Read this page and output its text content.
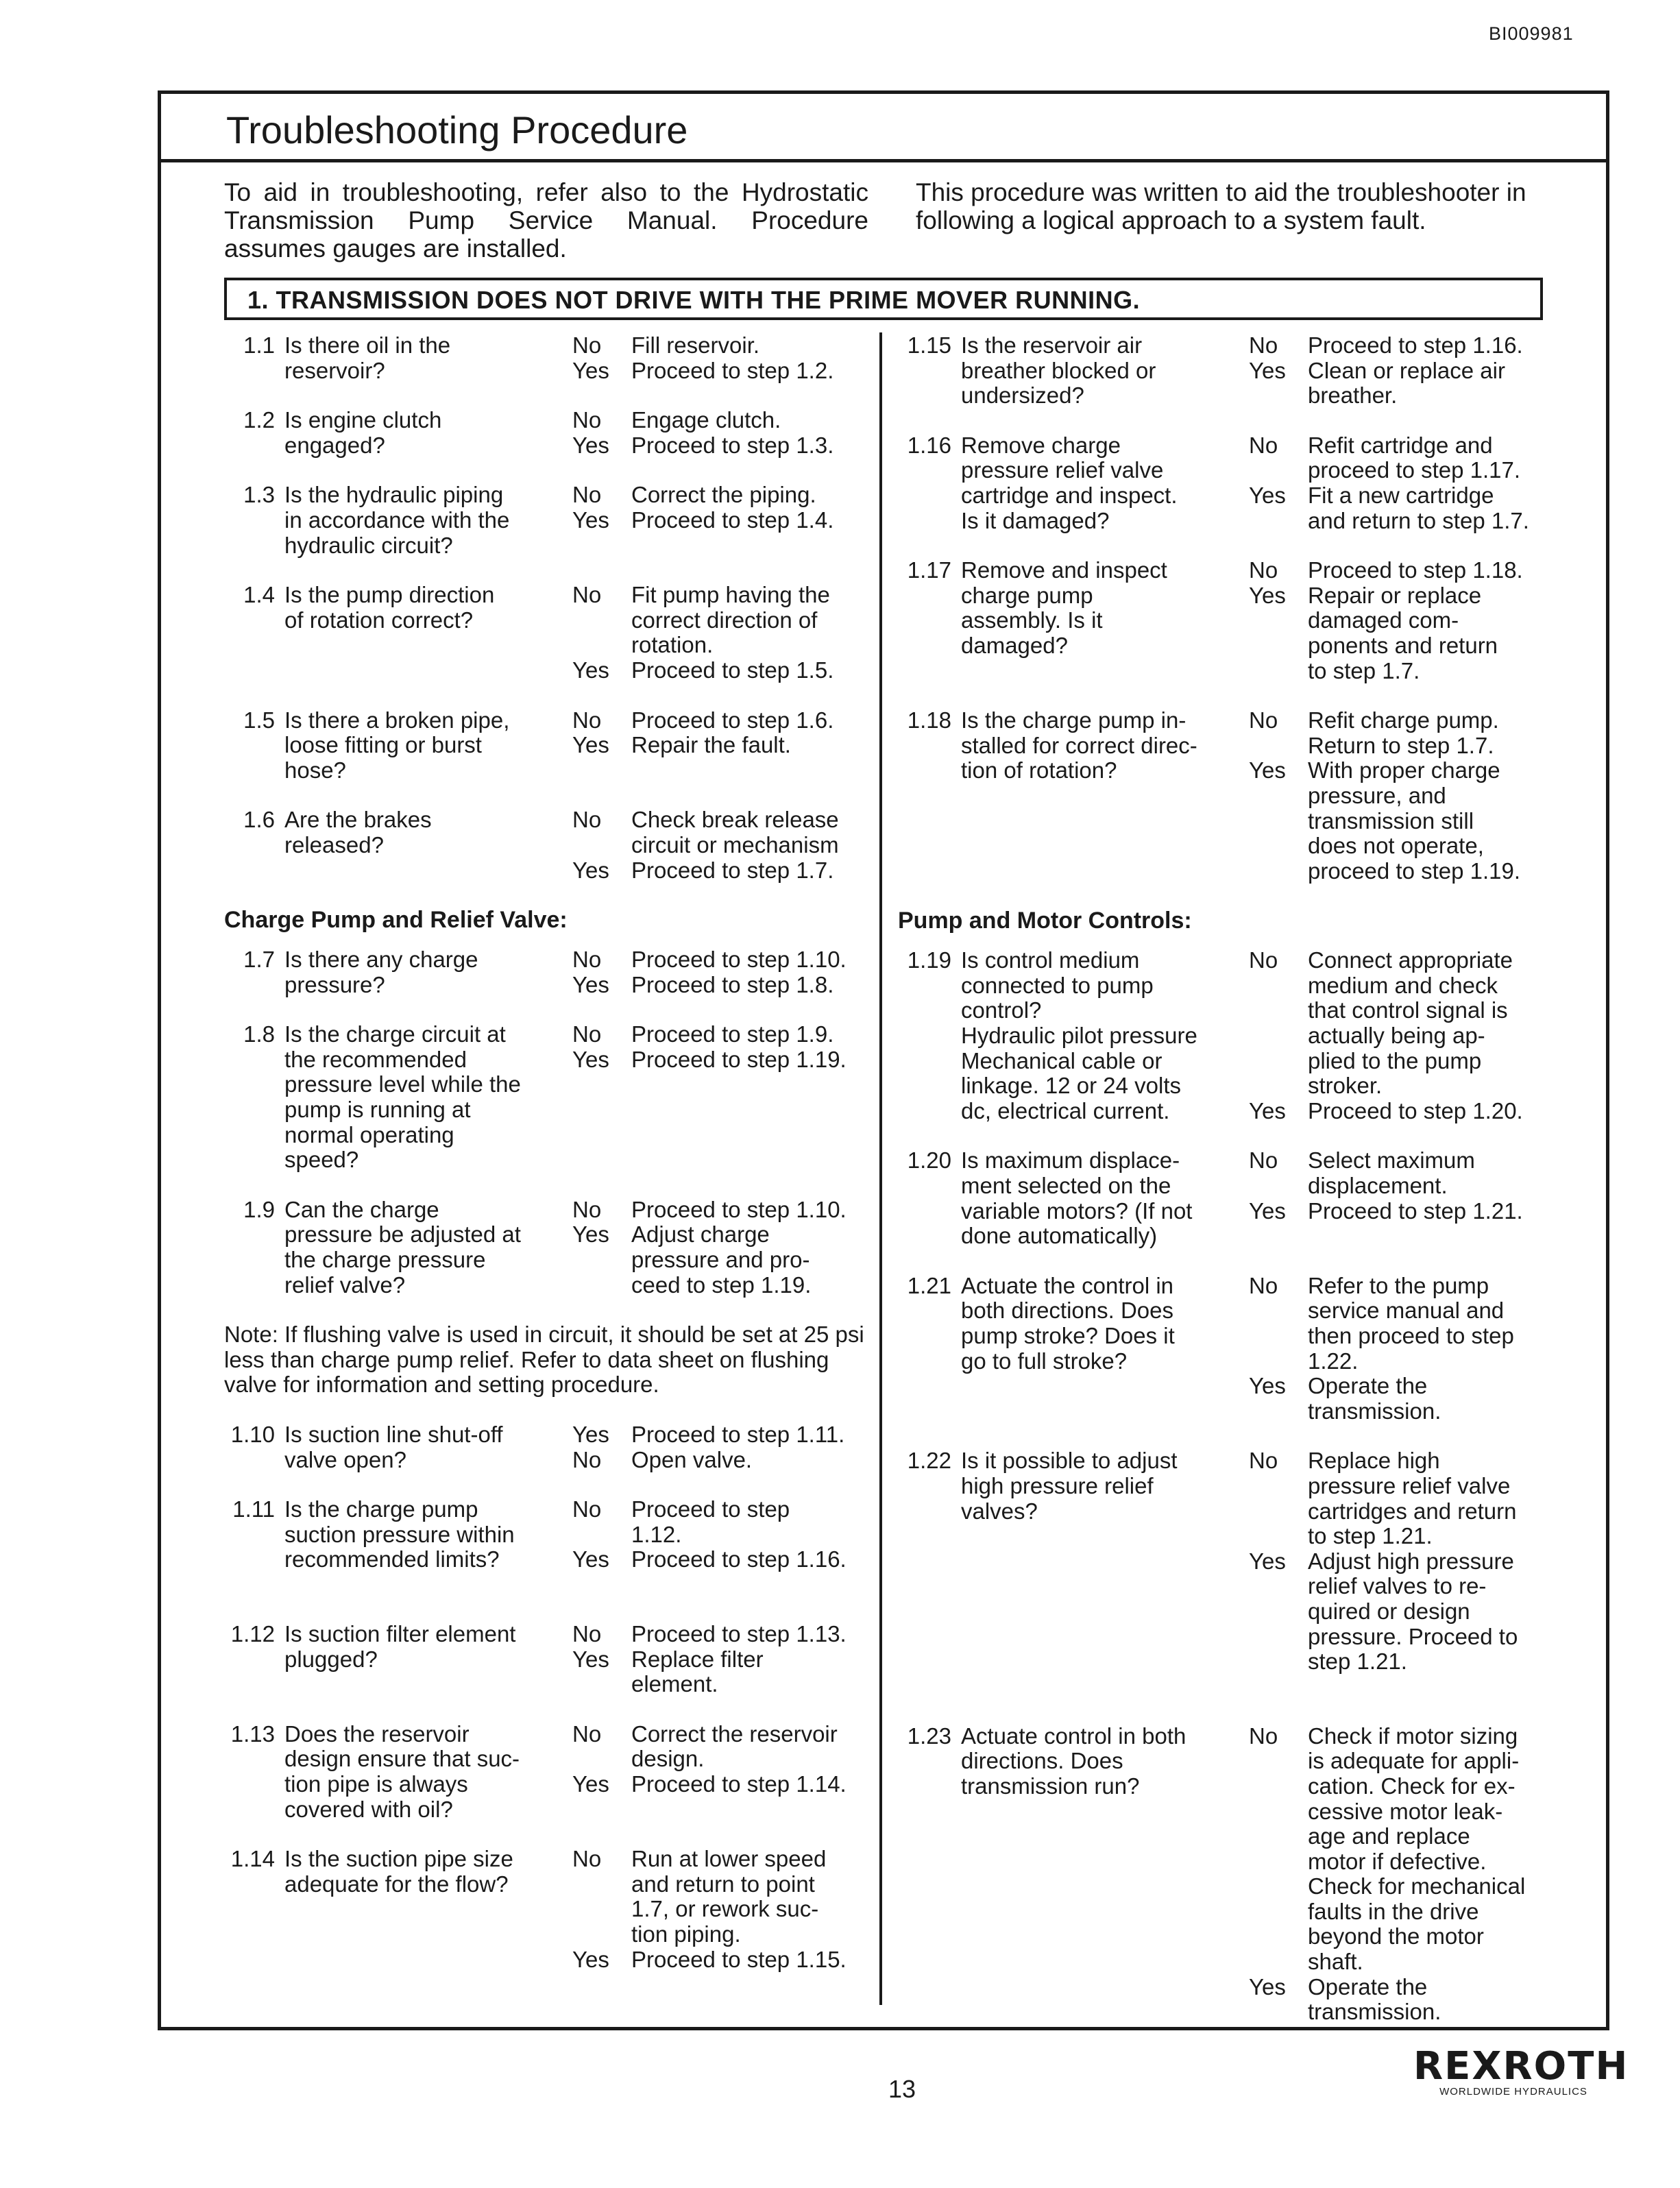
BI009981
Troubleshooting Procedure
To aid in troubleshooting, refer also to the Hydrostatic Transmission Pump Service Manual. Procedure assumes gauges are installed.
This procedure was written to aid the troubleshooter in following a logical approach to a system fault.
1. TRANSMISSION DOES NOT DRIVE WITH THE PRIME MOVER RUNNING.
1.1 Is there oil in the
reservoir?
No	Fill reservoir.
Yes Proceed to step 1.2.
1.2 Is engine clutch
engaged?
No	Engage clutch.
Yes Proceed to step 1.3.
1.3 Is the hydraulic piping
in accordance with the
hydraulic circuit?
No	Correct the piping.
Yes Proceed to step 1.4.
1.4 Is the pump direction
of rotation correct?
No	Fit pump having the
correct direction of
rotation.
Yes Proceed to step 1.5.
1.5 Is there a broken pipe,
loose fitting or burst
hose?
No	Proceed to step 1.6.
Yes Repair the fault.
1.6 Are the brakes
released?
No	Check break release
circuit or mechanism
Yes Proceed to step 1.7.
Charge Pump and Relief Valve:
1.7 Is there any charge
pressure?
No	Proceed to step 1.10.
Yes Proceed to step 1.8.
1.8 Is the charge circuit at
the recommended
pressure level while the
pump is running at
normal operating
speed?
No	Proceed to step 1.9.
Yes Proceed to step 1.19.
1.9 Can the charge
pressure be adjusted at
the charge pressure
relief valve?
No	Proceed to step 1.10.
Yes Adjust charge
pressure and pro-
ceed to step 1.19.
Note: If flushing valve is used in circuit, it should be set at 25 psi less than charge pump relief. Refer to data sheet on flushing valve for information and setting procedure.
1.10 Is suction line shut-off
valve open?
Yes Proceed to step 1.11.
No	Open valve.
1.11 Is the charge pump
suction pressure within
recommended limits?
No	Proceed to step
1.12.
Yes Proceed to step 1.16.
1.12 Is suction filter element
plugged?
No	Proceed to step 1.13.
Yes Replace filter
element.
1.13 Does the reservoir
design ensure that suc-
tion pipe is always
covered with oil?
No	Correct the reservoir
design.
Yes Proceed to step 1.14.
1.14 Is the suction pipe size
adequate for the flow?
No	Run at lower speed
and return to point
1.7, or rework suc-
tion piping.
Yes Proceed to step 1.15.
1.15 Is the reservoir air
breather blocked or
undersized?
No	Proceed to step 1.16.
Yes Clean or replace air
breather.
1.16 Remove charge
pressure relief valve
cartridge and inspect.
Is it damaged?
No	Refit cartridge and
proceed to step 1.17.
Yes Fit a new cartridge
and return to step 1.7.
1.17 Remove and inspect
charge pump
assembly. Is it
damaged?
No	Proceed to step 1.18.
Yes Repair or replace
damaged com-
ponents and return
to step 1.7.
1.18 Is the charge pump in-
stalled for correct direc-
tion of rotation?
No	Refit charge pump.
Return to step 1.7.
Yes With proper charge
pressure, and
transmission still
does not operate,
proceed to step 1.19.
Pump and Motor Controls:
1.19 Is control medium
connected to pump
control?
Hydraulic pilot pressure
Mechanical cable or
linkage. 12 or 24 volts
dc, electrical current.
No	Connect appropriate
medium and check
that control signal is
actually being ap-
plied to the pump
stroker.
Yes Proceed to step 1.20.
1.20 Is maximum displace-
ment selected on the
variable motors? (If not
done automatically)
No	Select maximum
displacement.
Yes Proceed to step 1.21.
1.21 Actuate the control in
both directions. Does
pump stroke? Does it
go to full stroke?
No	Refer to the pump
service manual and
then proceed to step
1.22.
Yes Operate the
transmission.
1.22 Is it possible to adjust
high pressure relief
valves?
No	Replace high
pressure relief valve
cartridges and return
to step 1.21.
Yes Adjust high pressure
relief valves to re-
quired or design
pressure. Proceed to
step 1.21.
1.23 Actuate control in both
directions. Does
transmission run?
No	Check if motor sizing
is adequate for appli-
cation. Check for ex-
cessive motor leak-
age and replace
motor if defective.
Check for mechanical
faults in the drive
beyond the motor
shaft.
Yes Operate the
transmission.
13
REXROTH
WORLDWIDE HYDRAULICS
